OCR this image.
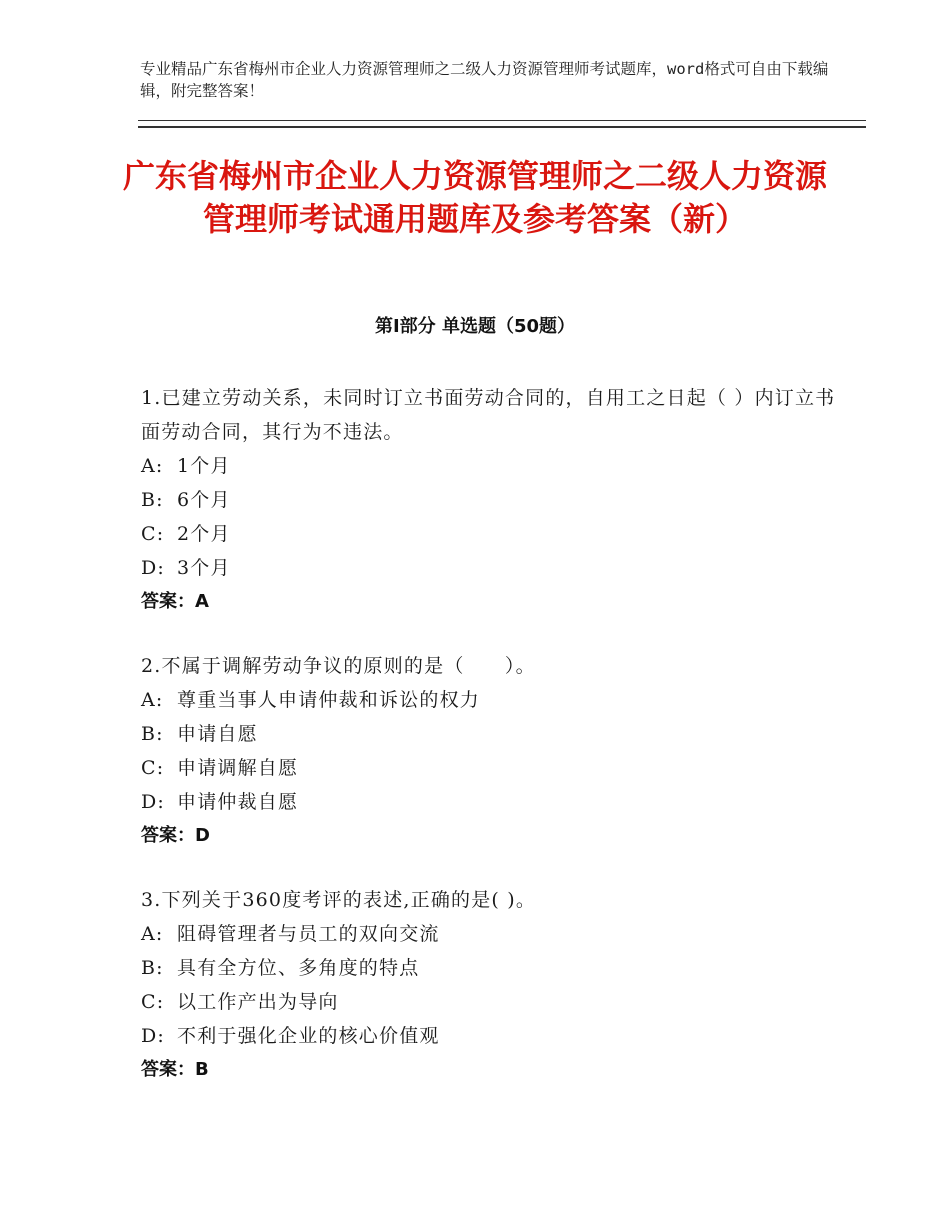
专业精品广东省梅州市企业人力资源管理师之二级人力资源管理师考试题库，word格式可自由下载编辑，附完整答案！
广东省梅州市企业人力资源管理师之二级人力资源管理师考试通用题库及参考答案（新）
第Ⅰ部分 单选题（50题）
1.已建立劳动关系，未同时订立书面劳动合同的，自用工之日起（ ）内订立书面劳动合同，其行为不违法。
A: 1个月
B: 6个月
C: 2个月
D: 3个月
答案：A
2.不属于调解劳动争议的原则的是（　　）。
A: 尊重当事人申请仲裁和诉讼的权力
B: 申请自愿
C: 申请调解自愿
D: 申请仲裁自愿
答案：D
3.下列关于360度考评的表述,正确的是( )。
A: 阻碍管理者与员工的双向交流
B: 具有全方位、多角度的特点
C: 以工作产出为导向
D: 不利于强化企业的核心价值观
答案：B
